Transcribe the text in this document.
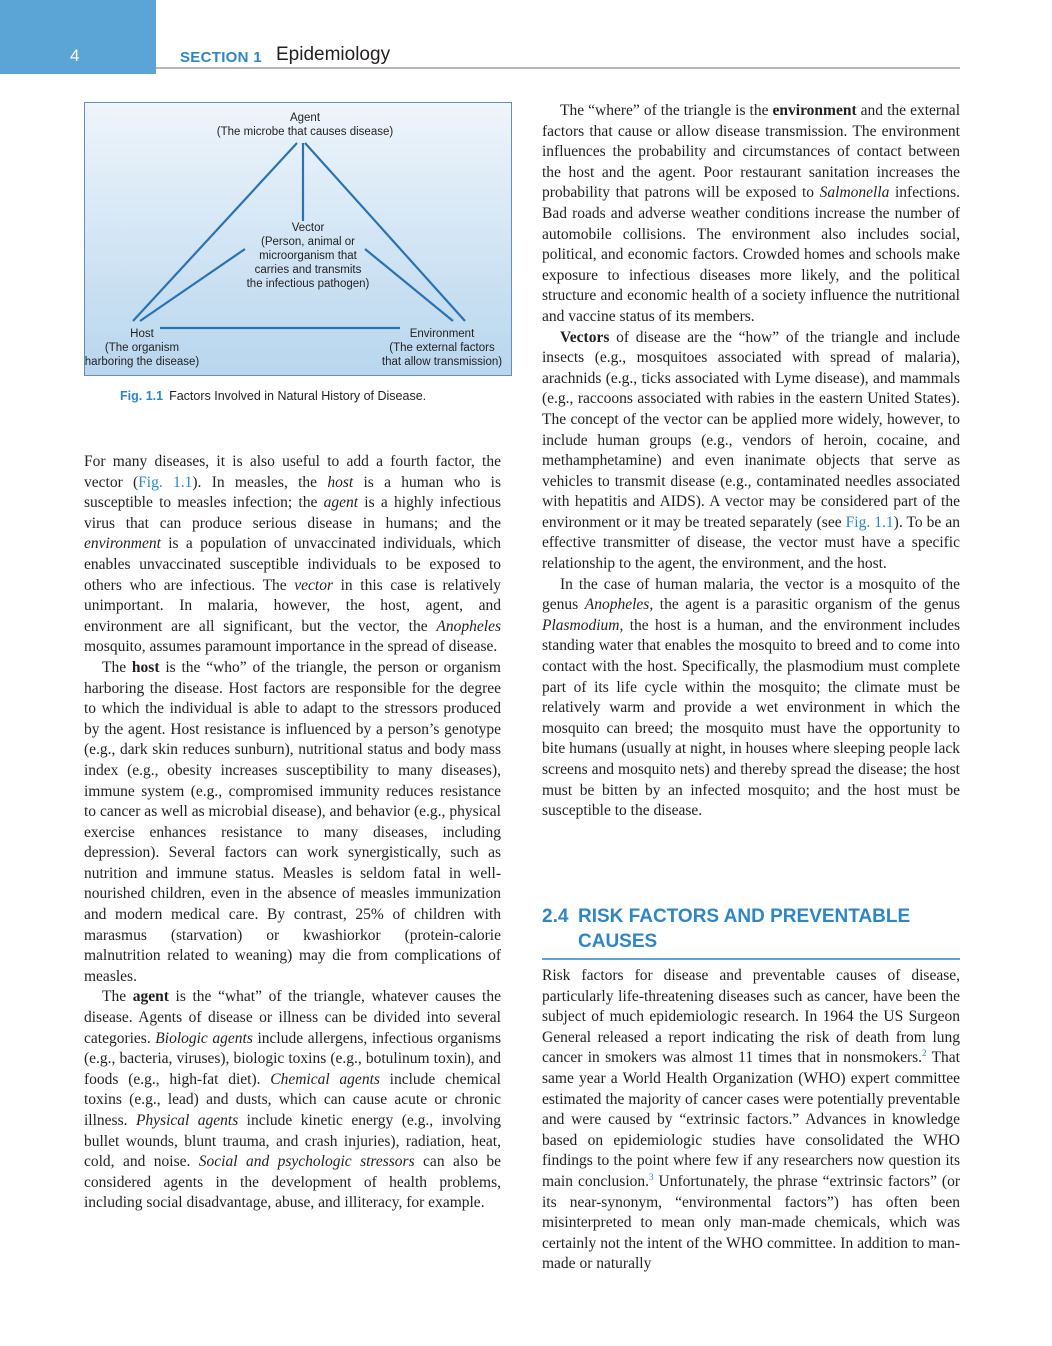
4	SECTION 1 Epidemiology
Agent
(The microbe that causes disease)
Vector
(Person, animal or
microorganism that
carries and transmits
the infectious pathogen)
Host
(The organism
harboring the disease)
Environment
(The external factors
that allow transmission)
Fig. 1.1 Factors Involved in Natural History of Disease.

For many diseases, it is also useful to add a fourth factor, the vector (Fig. 1.1). In measles, the host is a human who is susceptible to measles infection; the agent is a highly infectious virus that can produce serious disease in humans; and the environment is a population of unvaccinated individuals, which enables unvaccinated susceptible individuals to be exposed to others who are infectious. The vector in this case is relatively unimportant. In malaria, however, the host, agent, and environment are all significant, but the vector, the Anopheles mosquito, assumes paramount importance in the spread of disease.

The host is the “who” of the triangle, the person or organism harboring the disease. Host factors are responsible for the degree to which the individual is able to adapt to the stressors produced by the agent. Host resistance is influenced by a person’s genotype (e.g., dark skin reduces sunburn), nutritional status and body mass index (e.g., obesity increases susceptibility to many diseases), immune system (e.g., compromised immunity reduces resistance to cancer as well as microbial disease), and behavior (e.g., physical exercise enhances resistance to many diseases, including depression). Several factors can work synergistically, such as nutrition and immune status. Measles is seldom fatal in well-nourished children, even in the absence of measles immunization and modern medical care. By contrast, 25% of children with marasmus (starvation) or kwashiorkor (protein-calorie malnutrition related to weaning) may die from complications of measles.

The agent is the “what” of the triangle, whatever causes the disease. Agents of disease or illness can be divided into several categories. Biologic agents include allergens, infectious organisms (e.g., bacteria, viruses), biologic toxins (e.g., botulinum toxin), and foods (e.g., high-fat diet). Chemical agents include chemical toxins (e.g., lead) and dusts, which can cause acute or chronic illness. Physical agents include kinetic energy (e.g., involving bullet wounds, blunt trauma, and crash injuries), radiation, heat, cold, and noise. Social and psychologic stressors can also be considered agents in the development of health problems, including social disadvantage, abuse, and illiteracy, for example.

The “where” of the triangle is the environment and the external factors that cause or allow disease transmission. The environment influences the probability and circumstances of contact between the host and the agent. Poor restaurant sanitation increases the probability that patrons will be exposed to Salmonella infections. Bad roads and adverse weather conditions increase the number of automobile collisions. The environment also includes social, political, and economic factors. Crowded homes and schools make exposure to infectious diseases more likely, and the political structure and economic health of a society influence the nutritional and vaccine status of its members.

Vectors of disease are the “how” of the triangle and include insects (e.g., mosquitoes associated with spread of malaria), arachnids (e.g., ticks associated with Lyme disease), and mammals (e.g., raccoons associated with rabies in the eastern United States). The concept of the vector can be applied more widely, however, to include human groups (e.g., vendors of heroin, cocaine, and methamphetamine) and even inanimate objects that serve as vehicles to transmit disease (e.g., contaminated needles associated with hepatitis and AIDS). A vector may be considered part of the environment or it may be treated separately (see Fig. 1.1). To be an effective transmitter of disease, the vector must have a specific relationship to the agent, the environment, and the host.

In the case of human malaria, the vector is a mosquito of the genus Anopheles, the agent is a parasitic organism of the genus Plasmodium, the host is a human, and the environment includes standing water that enables the mosquito to breed and to come into contact with the host. Specifically, the plasmodium must complete part of its life cycle within the mosquito; the climate must be relatively warm and provide a wet environment in which the mosquito can breed; the mosquito must have the opportunity to bite humans (usually at night, in houses where sleeping people lack screens and mosquito nets) and thereby spread the disease; the host must be bitten by an infected mosquito; and the host must be susceptible to the disease.

2.4 RISK FACTORS AND PREVENTABLE
CAUSES

Risk factors for disease and preventable causes of disease, particularly life-threatening diseases such as cancer, have been the subject of much epidemiologic research. In 1964 the US Surgeon General released a report indicating the risk of death from lung cancer in smokers was almost 11 times that in nonsmokers.$^2$ That same year a World Health Organization (WHO) expert committee estimated the majority of cancer cases were potentially preventable and were caused by “extrinsic factors.” Advances in knowledge based on epidemiologic studies have consolidated the WHO findings to the point where few if any researchers now question its main conclusion.$^3$ Unfortunately, the phrase “extrinsic factors” (or its near-synonym, “environmental factors”) has often been misinterpreted to mean only man-made chemicals, which was certainly not the intent of the WHO committee. In addition to man-made or naturally
